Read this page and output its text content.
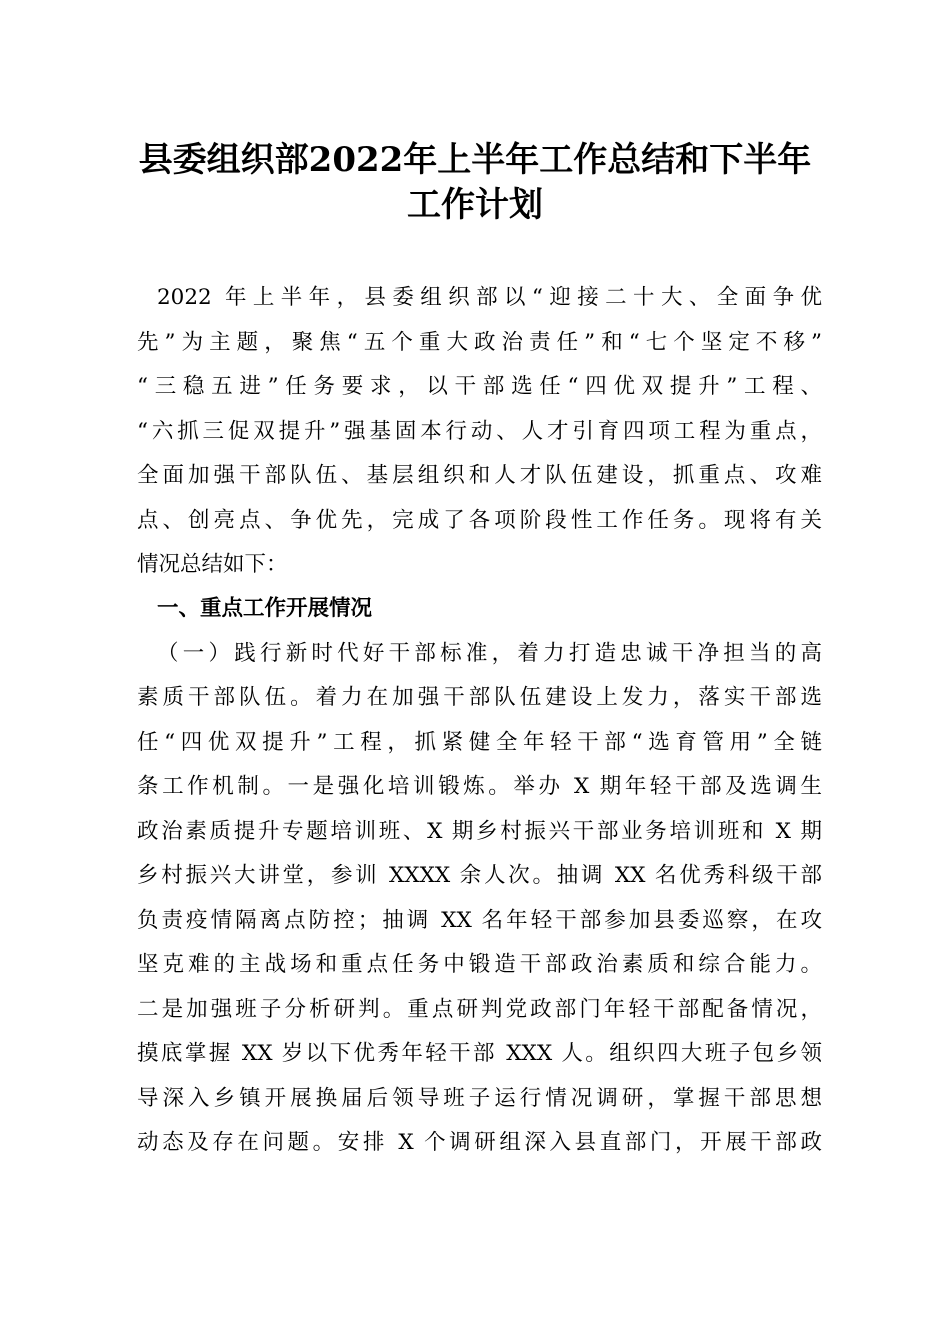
县委组织部2022年上半年工作总结和下半年
工作计划
2022 年上半年，县委组织部以“迎接二十大、全面争优
先”为主题，聚焦“五个重大政治责任”和“七个坚定不移”
“三稳五进”任务要求，以干部选任“四优双提升”工程、
“六抓三促双提升”强基固本行动、人才引育四项工程为重点，
全面加强干部队伍、基层组织和人才队伍建设，抓重点、攻难
点、创亮点、争优先，完成了各项阶段性工作任务。现将有关
情况总结如下：
一、重点工作开展情况
（一）践行新时代好干部标准，着力打造忠诚干净担当的高
素质干部队伍。着力在加强干部队伍建设上发力，落实干部选
任“四优双提升”工程，抓紧健全年轻干部“选育管用”全链
条工作机制。一是强化培训锻炼。举办 X 期年轻干部及选调生
政治素质提升专题培训班、X 期乡村振兴干部业务培训班和 X 期
乡村振兴大讲堂，参训 XXXX 余人次。抽调 XX 名优秀科级干部
负责疫情隔离点防控；抽调 XX 名年轻干部参加县委巡察，在攻
坚克难的主战场和重点任务中锻造干部政治素质和综合能力。
二是加强班子分析研判。重点研判党政部门年轻干部配备情况，
摸底掌握 XX 岁以下优秀年轻干部 XXX 人。组织四大班子包乡领
导深入乡镇开展换届后领导班子运行情况调研，掌握干部思想
动态及存在问题。安排 X 个调研组深入县直部门，开展干部政
